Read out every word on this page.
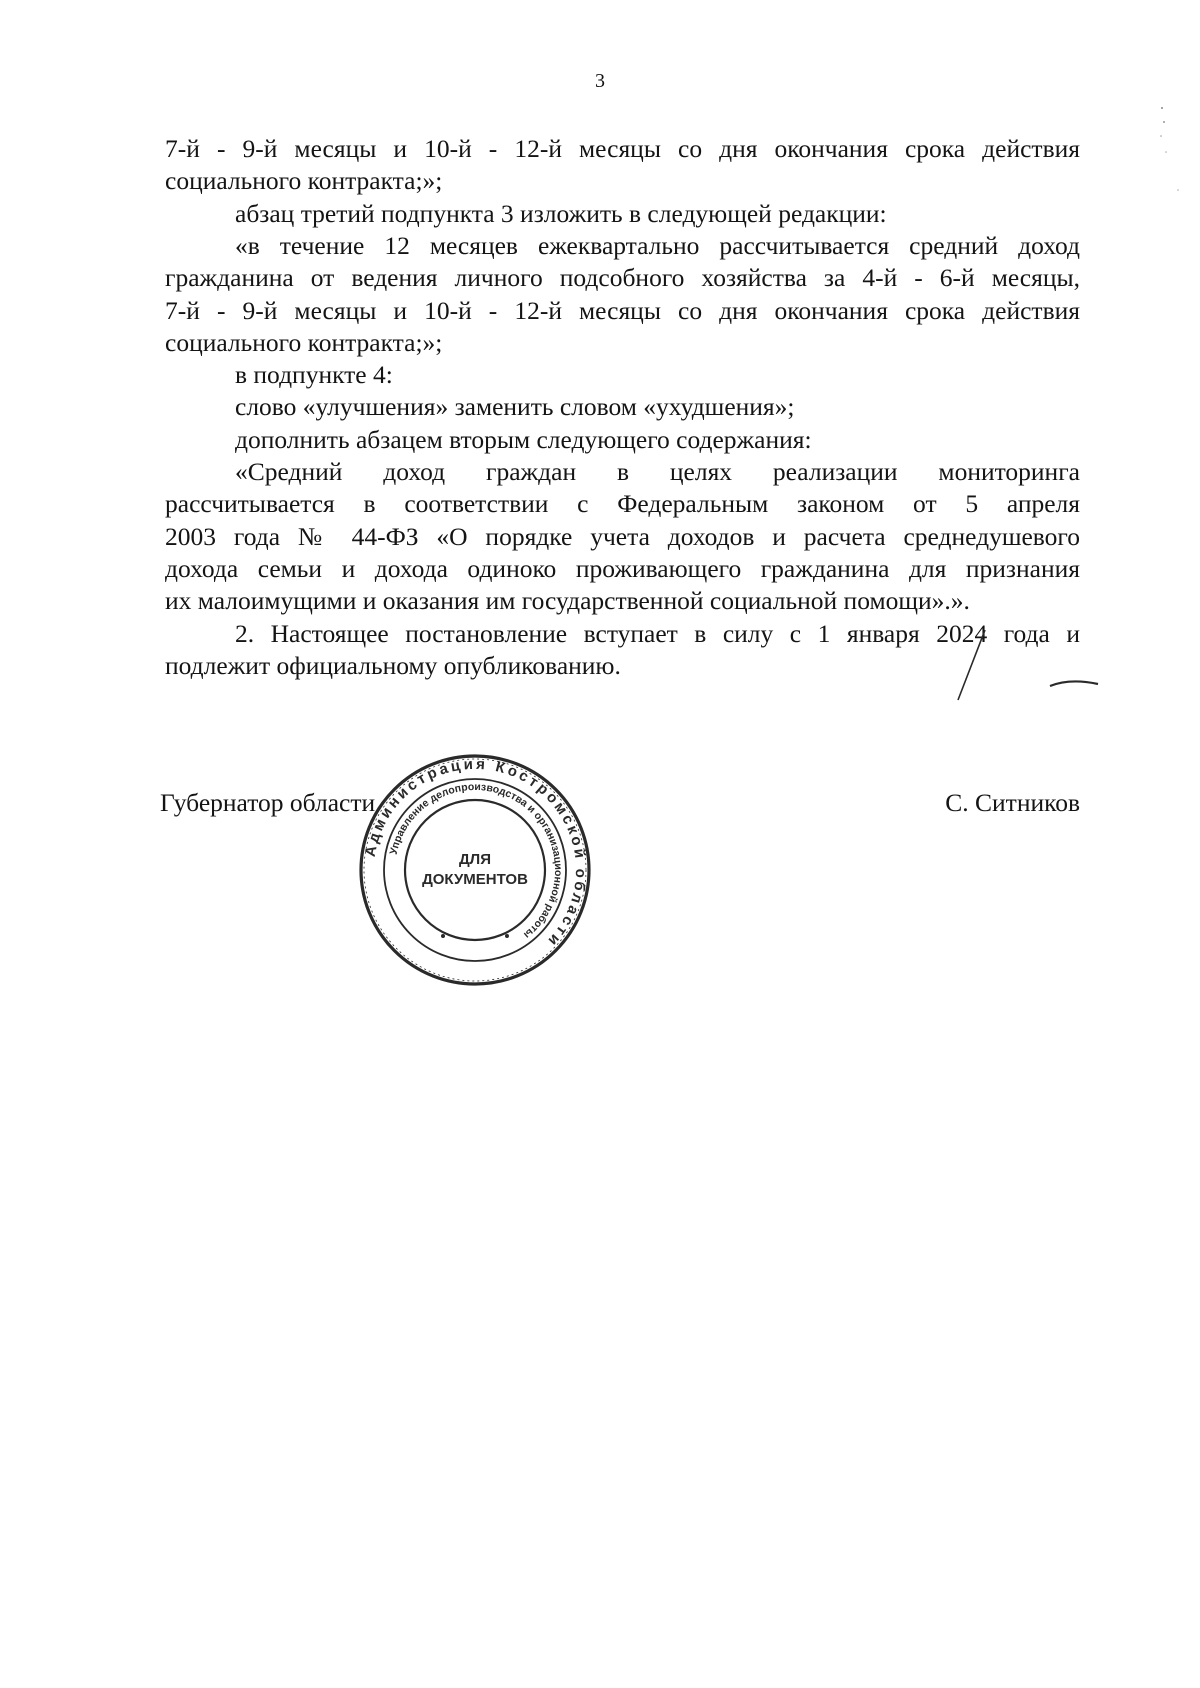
3
7-й - 9-й месяцы и 10-й - 12-й месяцы со дня окончания срока действия
социального контракта;»;
абзац третий подпункта 3 изложить в следующей редакции:
«в течение 12 месяцев ежеквартально рассчитывается средний доход
гражданина от ведения личного подсобного хозяйства за 4-й - 6-й месяцы,
7-й - 9-й месяцы и 10-й - 12-й месяцы со дня окончания срока действия
социального контракта;»;
в подпункте 4:
слово «улучшения» заменить словом «ухудшения»;
дополнить абзацем вторым следующего содержания:
«Средний доход граждан в целях реализации мониторинга
рассчитывается в соответствии с Федеральным законом от 5 апреля
2003 года № 44-ФЗ «О порядке учета доходов и расчета среднедушевого
дохода семьи и дохода одиноко проживающего гражданина для признания
их малоимущими и оказания им государственной социальной помощи».».
2. Настоящее постановление вступает в силу с 1 января 2024 года и
подлежит официальному опубликованию.
Губернатор области	С. Ситников
Администрация Костромской области
Управление делопроизводства и организационной работы
ДЛЯ
ДОКУМЕНТОВ
